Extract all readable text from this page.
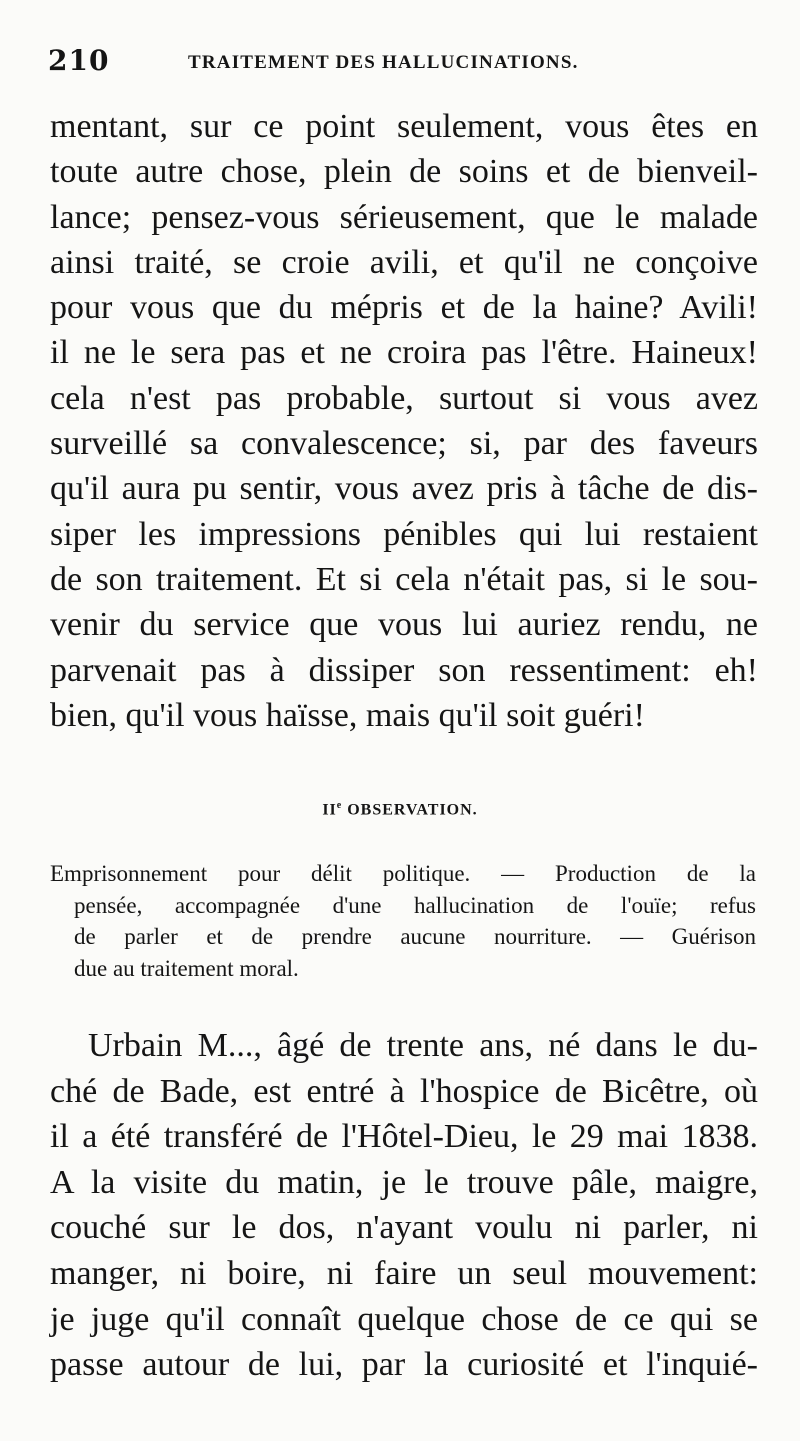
210	TRAITEMENT DES HALLUCINATIONS.
mentant, sur ce point seulement, vous êtes en
toute autre chose, plein de soins et de bienveil-
lance; pensez-vous sérieusement, que le malade
ainsi traité, se croie avili, et qu'il ne conçoive
pour vous que du mépris et de la haine? Avili!
il ne le sera pas et ne croira pas l'être. Haineux!
cela n'est pas probable, surtout si vous avez
surveillé sa convalescence; si, par des faveurs
qu'il aura pu sentir, vous avez pris à tâche de dis-
siper les impressions pénibles qui lui restaient
de son traitement. Et si cela n'était pas, si le sou-
venir du service que vous lui auriez rendu, ne
parvenait pas à dissiper son ressentiment: eh!
bien, qu'il vous haïsse, mais qu'il soit guéri!
IIe OBSERVATION.
Emprisonnement pour délit politique. — Production de la
pensée, accompagnée d'une hallucination de l'ouïe; refus
de parler et de prendre aucune nourriture. — Guérison
due au traitement moral.
Urbain M..., âgé de trente ans, né dans le du-
ché de Bade, est entré à l'hospice de Bicêtre, où
il a été transféré de l'Hôtel-Dieu, le 29 mai 1838.
A la visite du matin, je le trouve pâle, maigre,
couché sur le dos, n'ayant voulu ni parler, ni
manger, ni boire, ni faire un seul mouvement:
je juge qu'il connaît quelque chose de ce qui se
passe autour de lui, par la curiosité et l'inquié-
